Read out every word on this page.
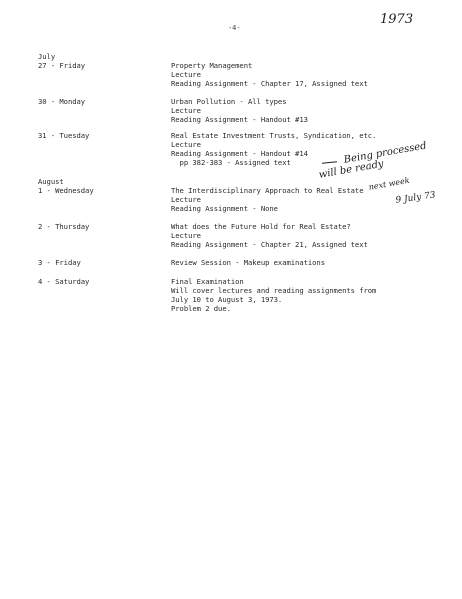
1973
-4-
July
27 - Friday	Property Management
Lecture
Reading Assignment - Chapter 17, Assigned text
30 - Monday	Urban Pollution - All types
Lecture
Reading Assignment - Handout #13
31 - Tuesday	Real Estate Investment Trusts, Syndication, etc.
Lecture
Reading Assignment - Handout #14
pp 382-383 - Assigned text	Being processed
will be ready
next week
9 July 73
August
1 - Wednesday	The Interdisciplinary Approach to Real Estate
Lecture
Reading Assignment - None
2 - Thursday	What does the Future Hold for Real Estate?
Lecture
Reading Assignment - Chapter 21, Assigned text
3 - Friday	Review Session - Makeup examinations
4 - Saturday	Final Examination
Will cover lectures and reading assignments from
July 10 to August 3, 1973.
Problem 2 due.
